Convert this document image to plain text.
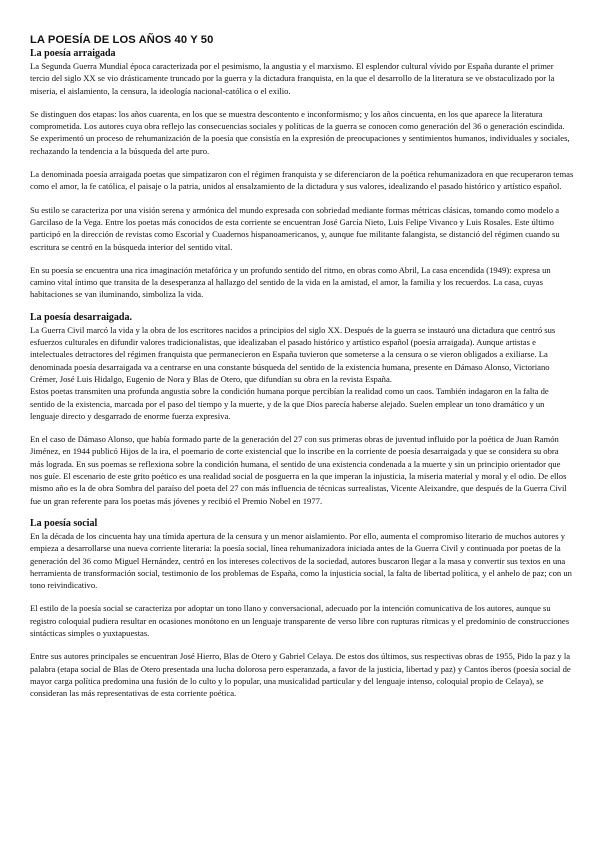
LA POESÍA DE LOS AÑOS 40 Y 50
La poesía arraigada

La Segunda Guerra Mundial época caracterizada por el pesimismo, la angustia y el marxismo. El esplendor cultural vívido por España durante el primer tercio del siglo XX se vio drásticamente truncado por la guerra y la dictadura franquista, en la que el desarrollo de la literatura se ve obstaculizado por la miseria, el aislamiento, la censura, la ideología nacional-católica o el exilio.

Se distinguen dos etapas: los años cuarenta, en los que se muestra descontento e inconformismo; y los años cincuenta, en los que aparece la literatura comprometida. Los autores cuya obra reflejo las consecuencias sociales y políticas de la guerra se conocen como generación del 36 o generación escindida. Se experimentó un proceso de rehumanización de la poesía que consistía en la expresión de preocupaciones y sentimientos humanos, individuales y sociales, rechazando la tendencia a la búsqueda del arte puro.

La denominada poesía arraigada poetas que simpatizaron con el régimen franquista y se diferenciaron de la poética rehumanizadora en que recuperaron temas como el amor, la fe católica, el paisaje o la patria, unidos al ensalzamiento de la dictadura y sus valores, idealizando el pasado histórico y artístico español.

Su estilo se caracteriza por una visión serena y armónica del mundo expresada con sobriedad mediante formas métricas clásicas, tomando como modelo a Garcilaso de la Vega. Entre los poetas más conocidos de esta corriente se encuentran José García Nieto, Luis Felipe Vivanco y Luis Rosales. Este último participó en la dirección de revistas como Escorial y Cuadernos hispanoamericanos, y, aunque fue militante falangista, se distanció del régimen cuando su escritura se centró en la búsqueda interior del sentido vital.

En su poesía se encuentra una rica imaginación metafórica y un profundo sentido del ritmo, en obras como Abril, La casa encendida (1949): expresa un camino vital íntimo que transita de la desesperanza al hallazgo del sentido de la vida en la amistad, el amor, la familia y los recuerdos. La casa, cuyas habitaciones se van iluminando, simboliza la vida.

La poesía desarraigada.

La Guerra Civil marcó la vida y la obra de los escritores nacidos a principios del siglo XX. Después de la guerra se instauró una dictadura que centró sus esfuerzos culturales en difundir valores tradicionalistas, que idealizaban el pasado histórico y artístico español (poesía arraigada). Aunque artistas e intelectuales detractores del régimen franquista que permanecieron en España tuvieron que someterse a la censura o se vieron obligados a exiliarse. La denominada poesía desarraigada va a centrarse en una constante búsqueda del sentido de la existencia humana, presente en Dámaso Alonso, Victoriano Crémer, José Luis Hidalgo, Eugenio de Nora y Blas de Otero, que difundían su obra en la revista España.

Estos poetas transmiten una profunda angustia sobre la condición humana porque percibían la realidad como un caos. También indagaron en la falta de sentido de la existencia, marcada por el paso del tiempo y la muerte, y de la que Dios parecía haberse alejado. Suelen emplear un tono dramático y un lenguaje directo y desgarrado de enorme fuerza expresiva.

En el caso de Dámaso Alonso, que había formado parte de la generación del 27 con sus primeras obras de juventud influido por la poética de Juan Ramón Jiménez, en 1944 publicó Hijos de la ira, el poemario de corte existencial que lo inscribe en la corriente de poesía desarraigada y que se considera su obra más lograda. En sus poemas se reflexiona sobre la condición humana, el sentido de una existencia condenada a la muerte y sin un principio orientador que nos guíe. El escenario de este grito poético es una realidad social de posguerra en la que imperan la injusticia, la miseria material y moral y el odio. De ellos mismo año es la de obra Sombra del paraíso del poeta del 27 con más influencia de técnicas surrealistas, Vicente Aleixandre, que después de la Guerra Civil fue un gran referente para los poetas más jóvenes y recibió el Premio Nobel en 1977.

La poesía social

En la década de los cincuenta hay una tímida apertura de la censura y un menor aislamiento. Por ello, aumenta el compromiso literario de muchos autores y empieza a desarrollarse una nueva corriente literaria: la poesía social, línea rehumanizadora iniciada antes de la Guerra Civil y continuada por poetas de la generación del 36 como Miguel Hernández, centró en los intereses colectivos de la sociedad, autores buscaron llegar a la masa y convertir sus textos en una herramienta de transformación social, testimonio de los problemas de España, como la injusticia social, la falta de libertad política, y el anhelo de paz; con un tono reivindicativo.

El estilo de la poesía social se caracteriza por adoptar un tono llano y conversacional, adecuado por la intención comunicativa de los autores, aunque su registro coloquial pudiera resultar en ocasiones monótono en un lenguaje transparente de verso libre con rupturas rítmicas y el predominio de construcciones sintácticas simples o yuxtapuestas.

Entre sus autores principales se encuentran José Hierro, Blas de Otero y Gabriel Celaya. De estos dos últimos, sus respectivas obras de 1955, Pido la paz y la palabra (etapa social de Blas de Otero presentada una lucha dolorosa pero esperanzada, a favor de la justicia, libertad y paz) y Cantos íberos (poesía social de mayor carga política predomina una fusión de lo culto y lo popular, una musicalidad particular y del lenguaje intenso, coloquial propio de Celaya), se consideran las más representativas de esta corriente poética.
